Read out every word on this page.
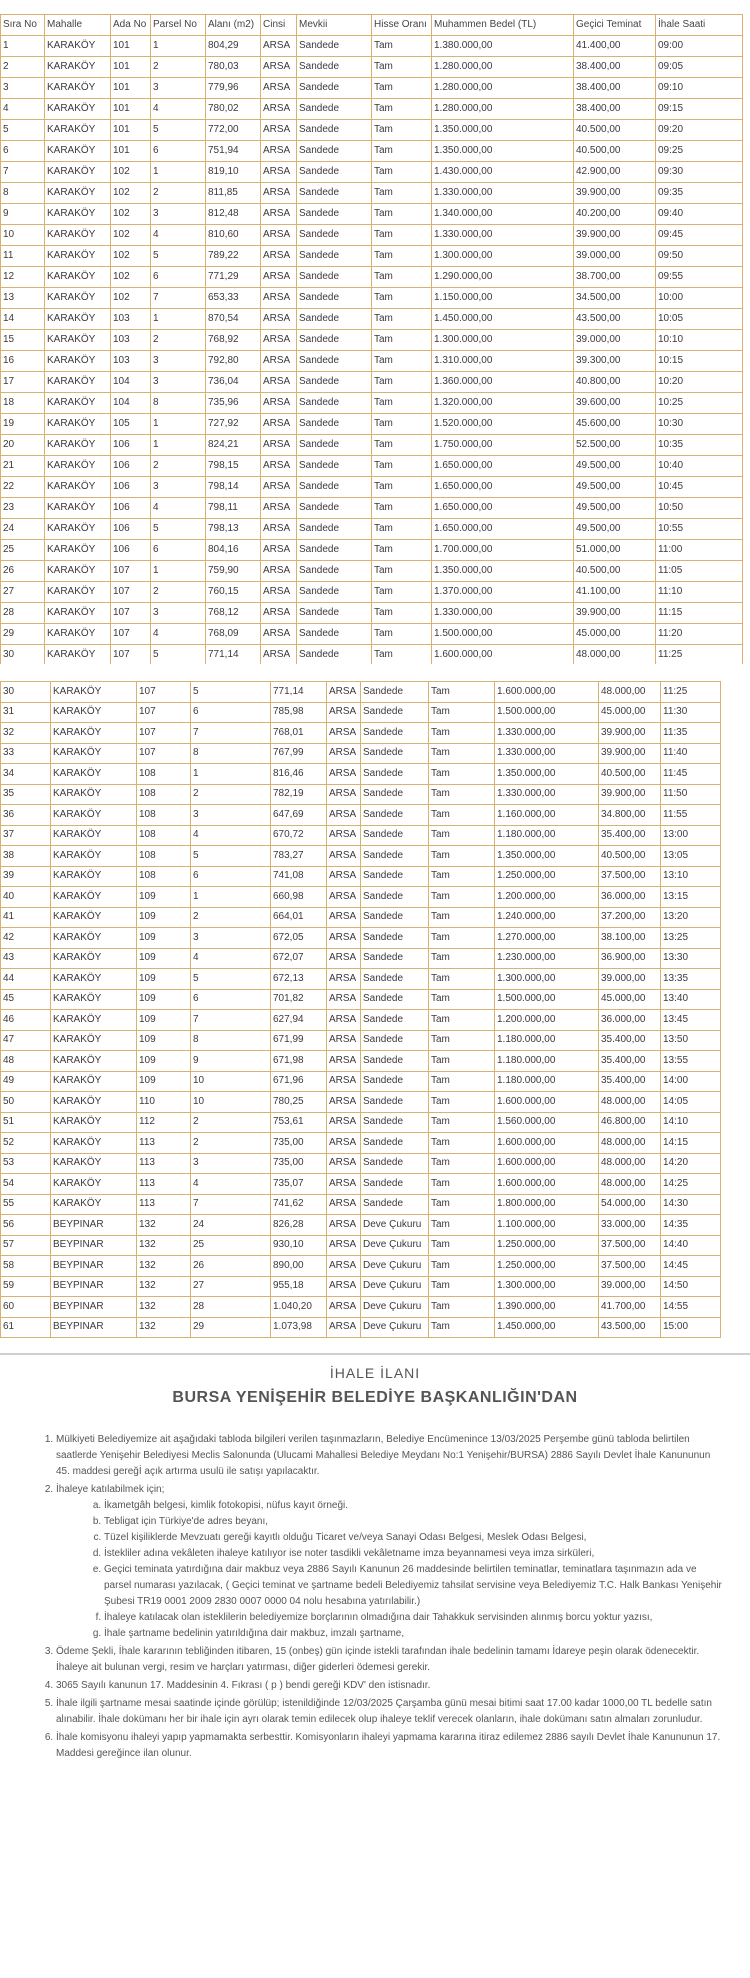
Sıra No	Mahalle	Ada No	Parsel No	Alanı (m2)	Cinsi	Mevkii	Hisse Oranı	Muhammen Bedel (TL)	Geçici Teminat	İhale Saati
1	KARAKÖY	101	1	804,29	ARSA	Sandede	Tam	1.380.000,00	41.400,00	09:00
2	KARAKÖY	101	2	780,03	ARSA	Sandede	Tam	1.280.000,00	38.400,00	09:05
3	KARAKÖY	101	3	779,96	ARSA	Sandede	Tam	1.280.000,00	38.400,00	09:10
4	KARAKÖY	101	4	780,02	ARSA	Sandede	Tam	1.280.000,00	38.400,00	09:15
5	KARAKÖY	101	5	772,00	ARSA	Sandede	Tam	1.350.000,00	40.500,00	09:20
6	KARAKÖY	101	6	751,94	ARSA	Sandede	Tam	1.350.000,00	40.500,00	09:25
7	KARAKÖY	102	1	819,10	ARSA	Sandede	Tam	1.430.000,00	42.900,00	09:30
8	KARAKÖY	102	2	811,85	ARSA	Sandede	Tam	1.330.000,00	39.900,00	09:35
9	KARAKÖY	102	3	812,48	ARSA	Sandede	Tam	1.340.000,00	40.200,00	09:40
10	KARAKÖY	102	4	810,60	ARSA	Sandede	Tam	1.330.000,00	39.900,00	09:45
11	KARAKÖY	102	5	789,22	ARSA	Sandede	Tam	1.300.000,00	39.000,00	09:50
12	KARAKÖY	102	6	771,29	ARSA	Sandede	Tam	1.290.000,00	38.700,00	09:55
13	KARAKÖY	102	7	653,33	ARSA	Sandede	Tam	1.150.000,00	34.500,00	10:00
14	KARAKÖY	103	1	870,54	ARSA	Sandede	Tam	1.450.000,00	43.500,00	10:05
15	KARAKÖY	103	2	768,92	ARSA	Sandede	Tam	1.300.000,00	39.000,00	10:10
16	KARAKÖY	103	3	792,80	ARSA	Sandede	Tam	1.310.000,00	39.300,00	10:15
17	KARAKÖY	104	3	736,04	ARSA	Sandede	Tam	1.360.000,00	40.800,00	10:20
18	KARAKÖY	104	8	735,96	ARSA	Sandede	Tam	1.320.000,00	39.600,00	10:25
19	KARAKÖY	105	1	727,92	ARSA	Sandede	Tam	1.520.000,00	45.600,00	10:30
20	KARAKÖY	106	1	824,21	ARSA	Sandede	Tam	1.750.000,00	52.500,00	10:35
21	KARAKÖY	106	2	798,15	ARSA	Sandede	Tam	1.650.000,00	49.500,00	10:40
22	KARAKÖY	106	3	798,14	ARSA	Sandede	Tam	1.650.000,00	49.500,00	10:45
23	KARAKÖY	106	4	798,11	ARSA	Sandede	Tam	1.650.000,00	49.500,00	10:50
24	KARAKÖY	106	5	798,13	ARSA	Sandede	Tam	1.650.000,00	49.500,00	10:55
25	KARAKÖY	106	6	804,16	ARSA	Sandede	Tam	1.700.000,00	51.000,00	11:00
26	KARAKÖY	107	1	759,90	ARSA	Sandede	Tam	1.350.000,00	40.500,00	11:05
27	KARAKÖY	107	2	760,15	ARSA	Sandede	Tam	1.370.000,00	41.100,00	11:10
28	KARAKÖY	107	3	768,12	ARSA	Sandede	Tam	1.330.000,00	39.900,00	11:15
29	KARAKÖY	107	4	768,09	ARSA	Sandede	Tam	1.500.000,00	45.000,00	11:20
30	KARAKÖY	107	5	771,14	ARSA	Sandede	Tam	1.600.000,00	48.000,00	11:25
30	KARAKÖY	107	5	771,14	ARSA	Sandede	Tam	1.600.000,00	48.000,00	11:25
31	KARAKÖY	107	6	785,98	ARSA	Sandede	Tam	1.500.000,00	45.000,00	11:30
32	KARAKÖY	107	7	768,01	ARSA	Sandede	Tam	1.330.000,00	39.900,00	11:35
33	KARAKÖY	107	8	767,99	ARSA	Sandede	Tam	1.330.000,00	39.900,00	11:40
34	KARAKÖY	108	1	816,46	ARSA	Sandede	Tam	1.350.000,00	40.500,00	11:45
35	KARAKÖY	108	2	782,19	ARSA	Sandede	Tam	1.330.000,00	39.900,00	11:50
36	KARAKÖY	108	3	647,69	ARSA	Sandede	Tam	1.160.000,00	34.800,00	11:55
37	KARAKÖY	108	4	670,72	ARSA	Sandede	Tam	1.180.000,00	35.400,00	13:00
38	KARAKÖY	108	5	783,27	ARSA	Sandede	Tam	1.350.000,00	40.500,00	13:05
39	KARAKÖY	108	6	741,08	ARSA	Sandede	Tam	1.250.000,00	37.500,00	13:10
40	KARAKÖY	109	1	660,98	ARSA	Sandede	Tam	1.200.000,00	36.000,00	13:15
41	KARAKÖY	109	2	664,01	ARSA	Sandede	Tam	1.240.000,00	37.200,00	13:20
42	KARAKÖY	109	3	672,05	ARSA	Sandede	Tam	1.270.000,00	38.100,00	13:25
43	KARAKÖY	109	4	672,07	ARSA	Sandede	Tam	1.230.000,00	36.900,00	13:30
44	KARAKÖY	109	5	672,13	ARSA	Sandede	Tam	1.300.000,00	39.000,00	13:35
45	KARAKÖY	109	6	701,82	ARSA	Sandede	Tam	1.500.000,00	45.000,00	13:40
46	KARAKÖY	109	7	627,94	ARSA	Sandede	Tam	1.200.000,00	36.000,00	13:45
47	KARAKÖY	109	8	671,99	ARSA	Sandede	Tam	1.180.000,00	35.400,00	13:50
48	KARAKÖY	109	9	671,98	ARSA	Sandede	Tam	1.180.000,00	35.400,00	13:55
49	KARAKÖY	109	10	671,96	ARSA	Sandede	Tam	1.180.000,00	35.400,00	14:00
50	KARAKÖY	110	10	780,25	ARSA	Sandede	Tam	1.600.000,00	48.000,00	14:05
51	KARAKÖY	112	2	753,61	ARSA	Sandede	Tam	1.560.000,00	46.800,00	14:10
52	KARAKÖY	113	2	735,00	ARSA	Sandede	Tam	1.600.000,00	48.000,00	14:15
53	KARAKÖY	113	3	735,00	ARSA	Sandede	Tam	1.600.000,00	48.000,00	14:20
54	KARAKÖY	113	4	735,07	ARSA	Sandede	Tam	1.600.000,00	48.000,00	14:25
55	KARAKÖY	113	7	741,62	ARSA	Sandede	Tam	1.800.000,00	54.000,00	14:30
56	BEYPINAR	132	24	826,28	ARSA	Deve Çukuru	Tam	1.100.000,00	33.000,00	14:35
57	BEYPINAR	132	25	930,10	ARSA	Deve Çukuru	Tam	1.250.000,00	37.500,00	14:40
58	BEYPINAR	132	26	890,00	ARSA	Deve Çukuru	Tam	1.250.000,00	37.500,00	14:45
59	BEYPINAR	132	27	955,18	ARSA	Deve Çukuru	Tam	1.300.000,00	39.000,00	14:50
60	BEYPINAR	132	28	1.040,20	ARSA	Deve Çukuru	Tam	1.390.000,00	41.700,00	14:55
61	BEYPINAR	132	29	1.073,98	ARSA	Deve Çukuru	Tam	1.450.000,00	43.500,00	15:00
İHALE İLANI
BURSA YENİŞEHİR BELEDİYE BAŞKANLIĞIN'DAN
1. Mülkiyeti Belediyemize ait aşağıdaki tabloda bilgileri verilen taşınmazların, Belediye Encümenince 13/03/2025 Perşembe günü tabloda belirtilen saatlerde Yenişehir Belediyesi Meclis Salonunda (Ulucami Mahallesi Belediye Meydanı No:1 Yenişehir/BURSA) 2886 Sayılı Devlet İhale Kanununun 45. maddesi gereğİ açık artırma usulü ile satışı yapılacaktır.
2. İhaleye katılabilmek için;
a. İkametgâh belgesi, kimlik fotokopisi, nüfus kayıt örneği.
b. Tebligat için Türkiye'de adres beyanı,
c. Tüzel kişiliklerde Mevzuatı gereği kayıtlı olduğu Ticaret ve/veya Sanayi Odası Belgesi, Meslek Odası Belgesi,
d. İstekliler adına vekâleten ihaleye katılıyor ise noter tasdikli vekâletname imza beyannamesi veya imza sirküleri,
e. Geçici teminata yatırdığına dair makbuz veya 2886 Sayılı Kanunun 26 maddesinde belirtilen teminatlar, teminatlara taşınmazın ada ve parsel numarası yazılacak, ( Geçici teminat ve şartname bedeli Belediyemiz tahsilat servisine veya Belediyemiz T.C. Halk Bankası Yenişehir Şubesi TR19 0001 2009 2830 0007 0000 04 nolu hesabına yatırılabilir.)
f. İhaleye katılacak olan isteklilerin belediyemize borçlarının olmadığına dair Tahakkuk servisinden alınmış borcu yoktur yazısı,
g. İhale şartname bedelinin yatırıldığına dair makbuz, imzalı şartname,
3. Ödeme Şekli, İhale kararının tebliğinden itibaren, 15 (onbeş) gün içinde istekli tarafından ihale bedelinin tamamı İdareye peşin olarak ödenecektir. İhaleye ait bulunan vergi, resim ve harçları yatırması, diğer giderleri ödemesi gerekir.
4. 3065 Sayılı kanunun 17. Maddesinin 4. Fıkrası ( p ) bendi gereği KDV' den istisnadır.
5. İhale ilgili şartname mesai saatinde içinde görülüp; istenildiğinde 12/03/2025 Çarşamba günü mesai bitimi saat 17.00 kadar 1000,00 TL bedelle satın alınabilir. İhale dokümanı her bir ihale için ayrı olarak temin edilecek olup ihaleye teklif verecek olanların, ihale dokümanı satın almaları zorunludur.
6. İhale komisyonu ihaleyi yapıp yapmamakta serbesttir. Komisyonların ihaleyi yapmama kararına itiraz edilemez 2886 sayılı Devlet İhale Kanununun 17. Maddesi gereğince ilan olunur.
